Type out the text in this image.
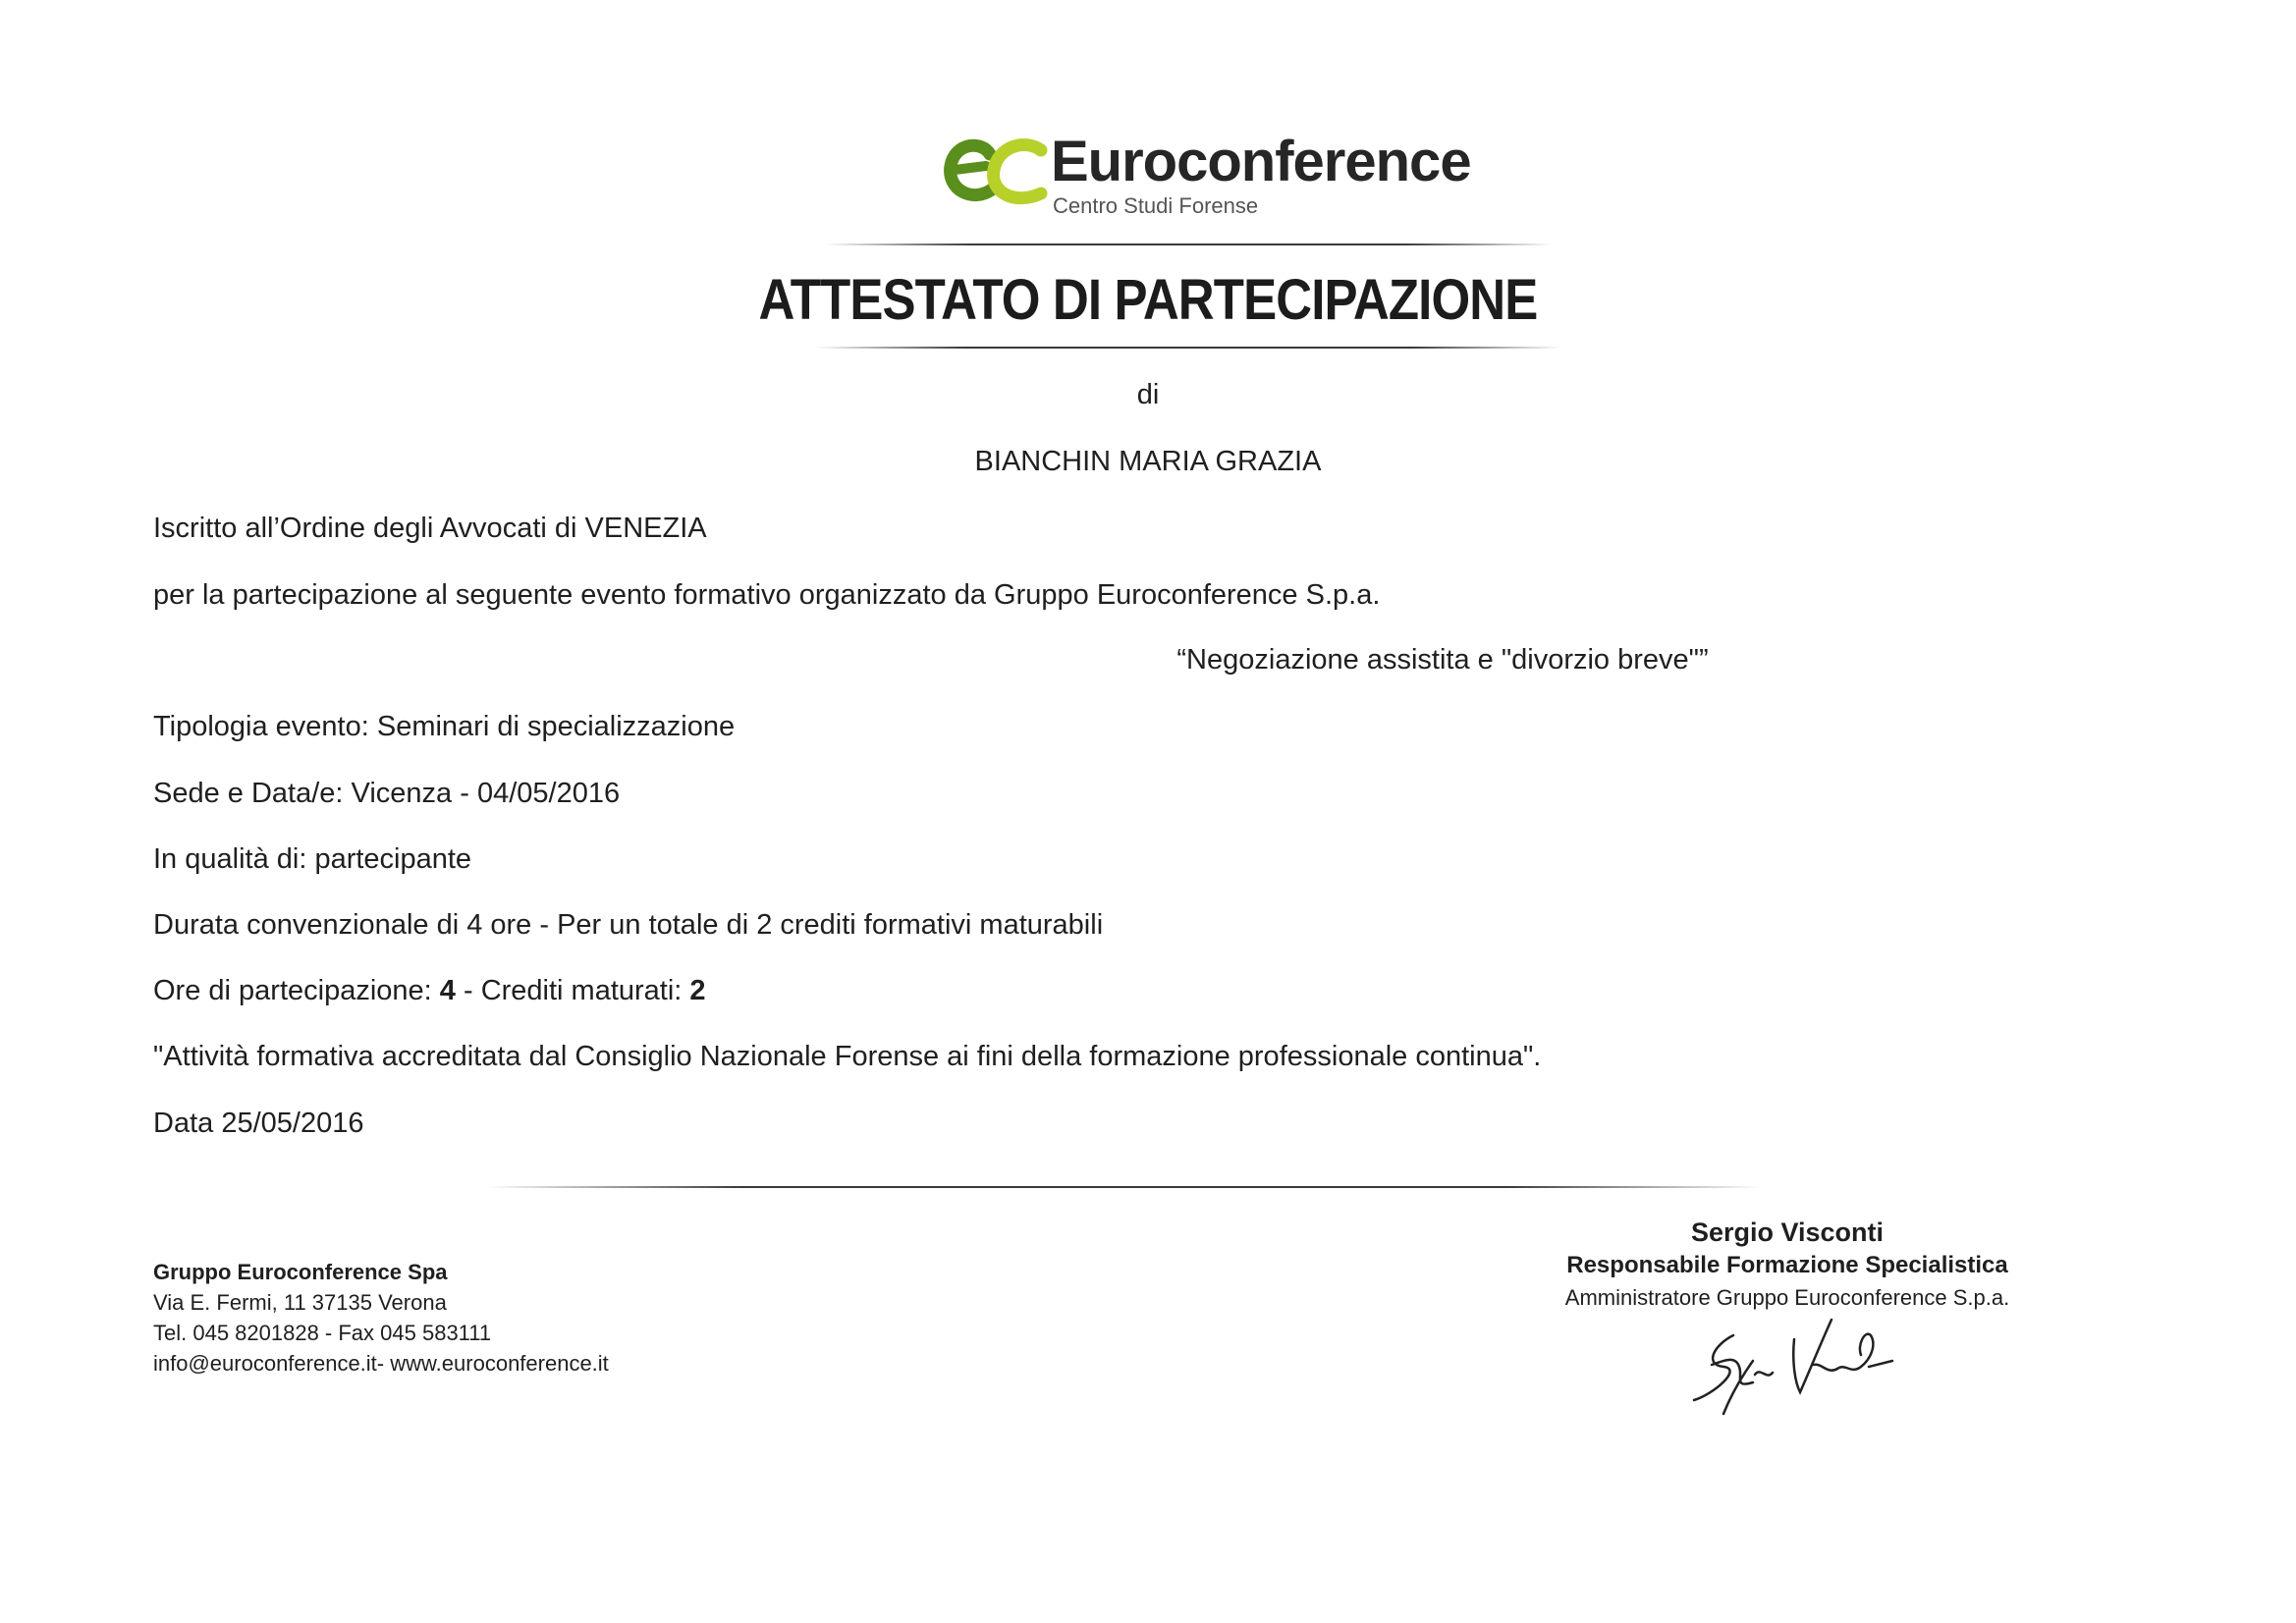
Euroconference
Centro Studi Forense
ATTESTATO DI PARTECIPAZIONE
di
BIANCHIN MARIA GRAZIA
Iscritto all’Ordine degli Avvocati di VENEZIA
per la partecipazione al seguente evento formativo organizzato da Gruppo Euroconference S.p.a.
“Negoziazione assistita e "divorzio breve"”
Tipologia evento: Seminari di specializzazione
Sede e Data/e: Vicenza - 04/05/2016
In qualità di: partecipante
Durata convenzionale di 4 ore - Per un totale di 2 crediti formativi maturabili
Ore di partecipazione: 4 - Crediti maturati: 2
"Attività formativa accreditata dal Consiglio Nazionale Forense ai fini della formazione professionale continua".
Data 25/05/2016
Gruppo Euroconference Spa
Via E. Fermi, 11 37135 Verona
Tel. 045 8201828 - Fax 045 583111
info@euroconference.it- www.euroconference.it
Sergio Visconti
Responsabile Formazione Specialistica
Amministratore Gruppo Euroconference S.p.a.
